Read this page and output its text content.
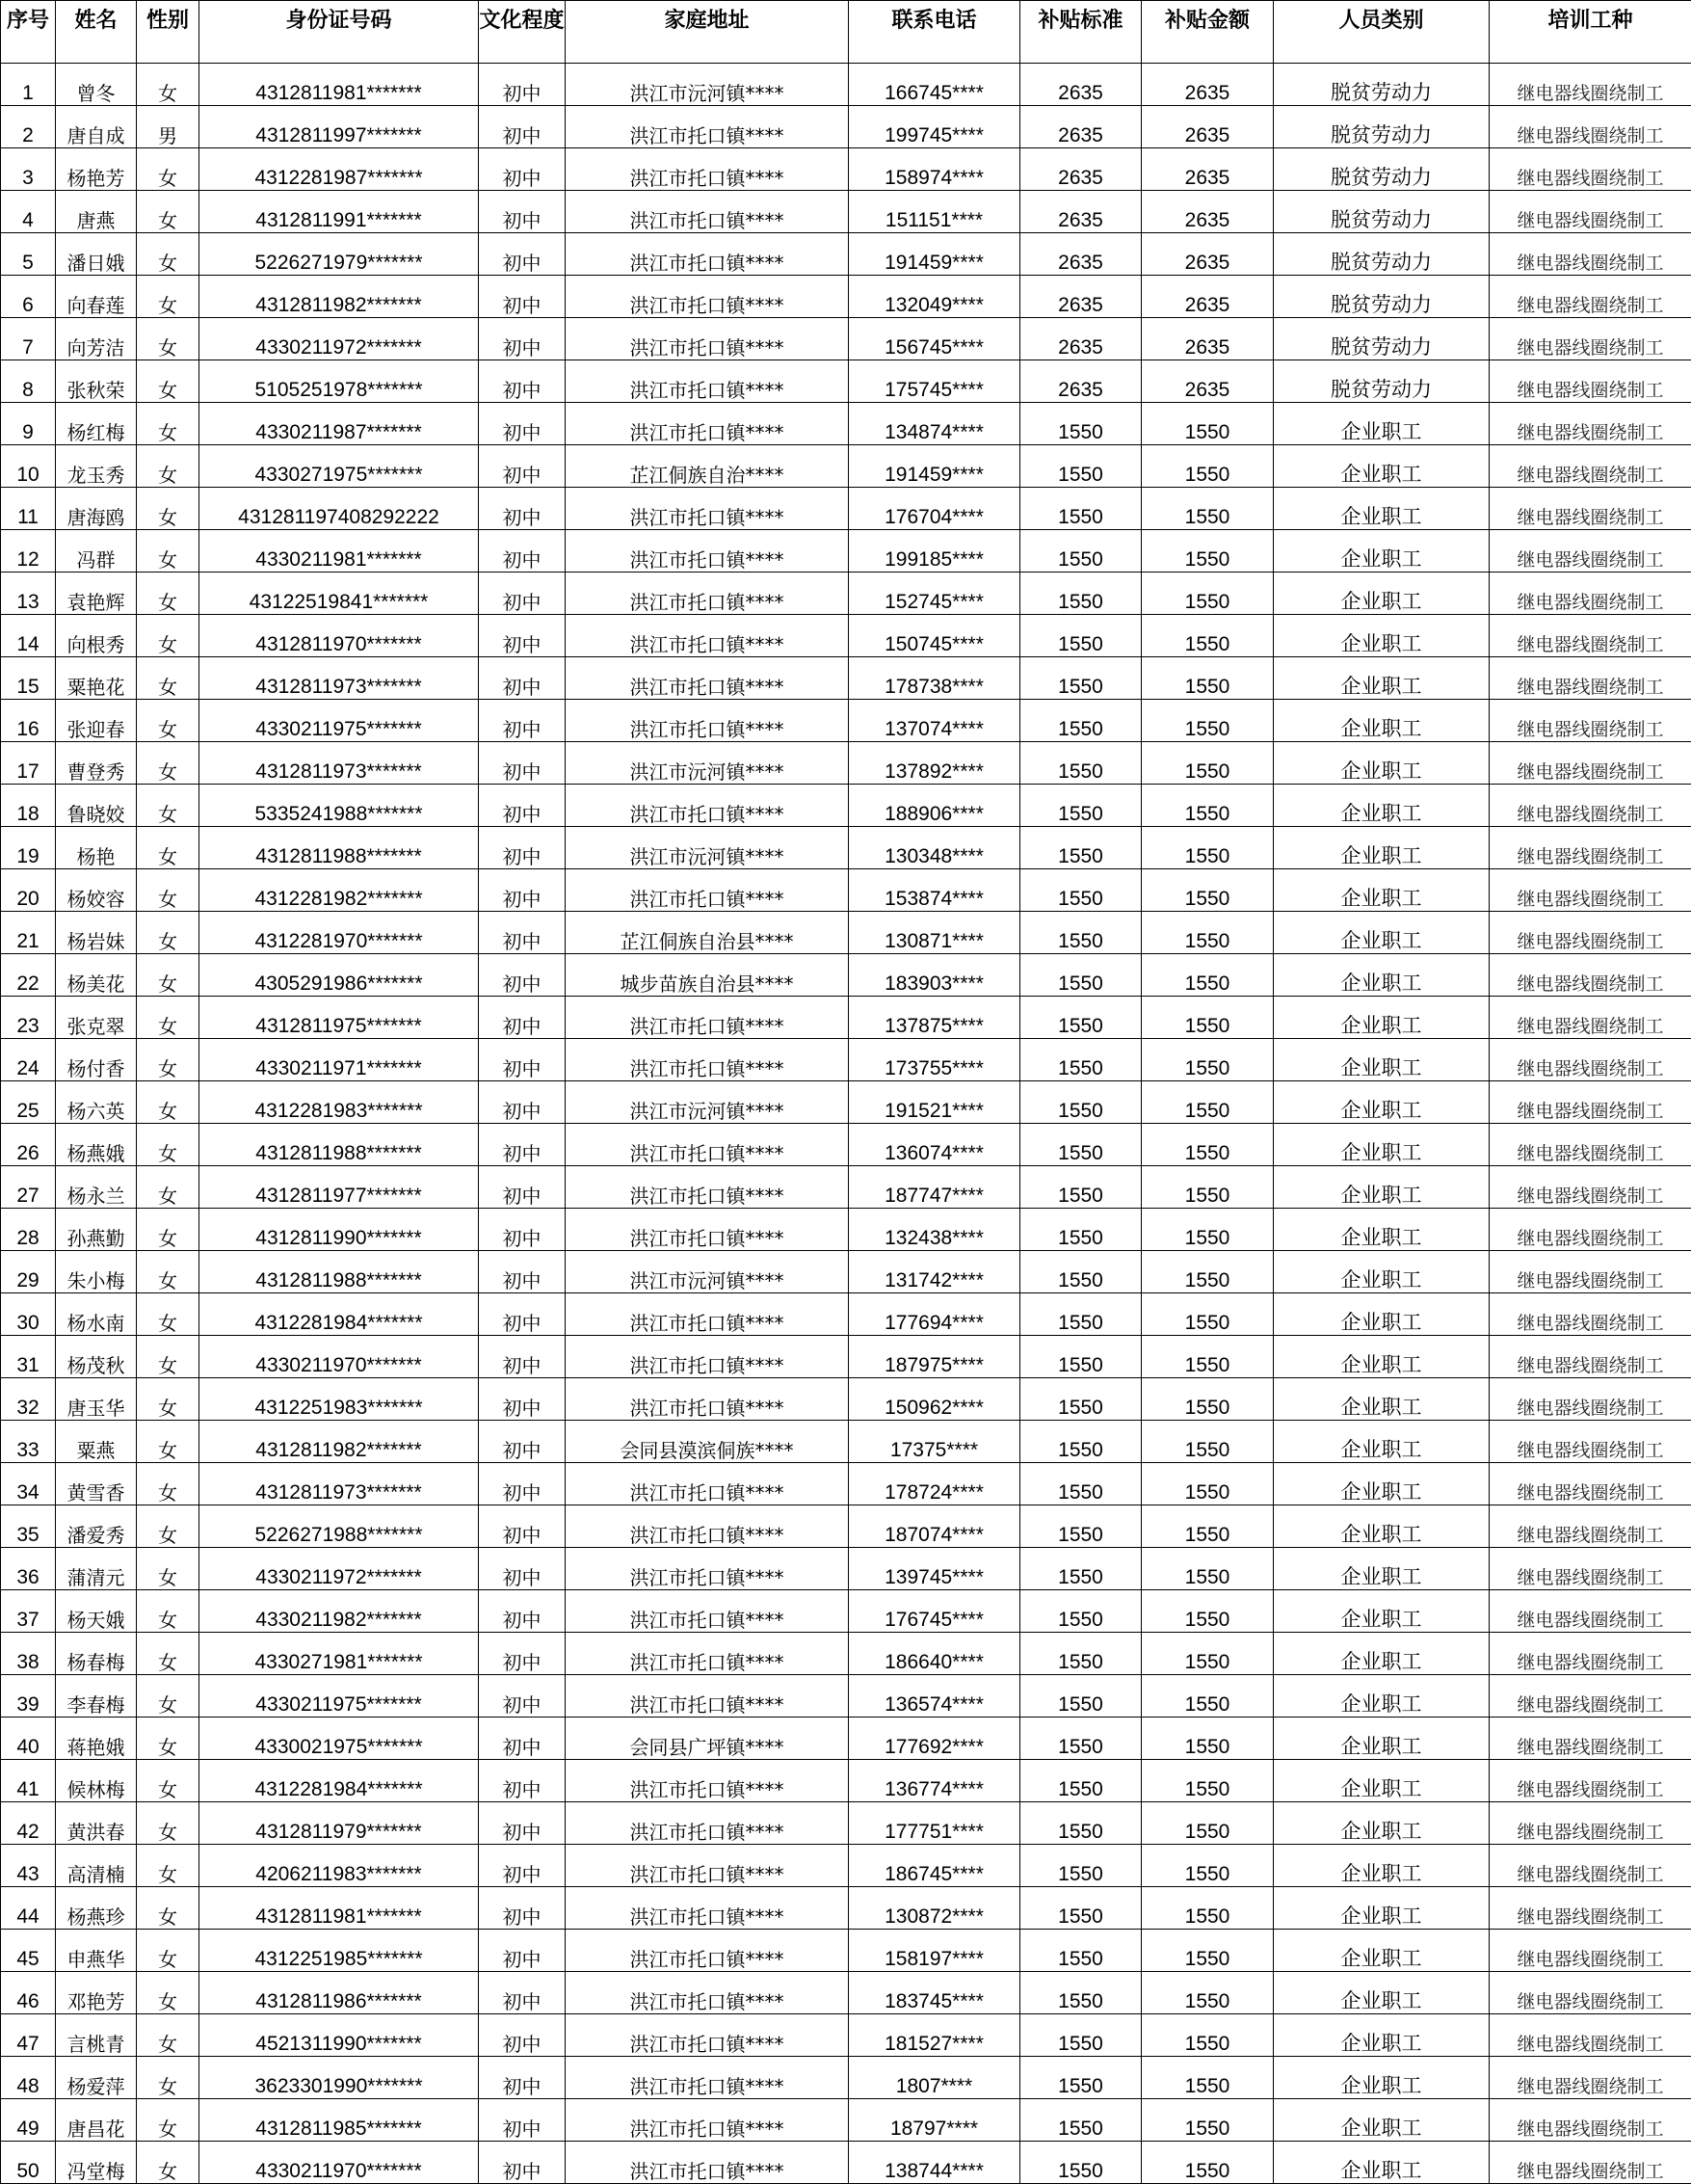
序号	姓名	性别	身份证号码	文化程度	家庭地址	联系电话	补贴标准	补贴金额	人员类别	培训工种
1	曾冬	女	4312811981*******	初中	洪江市沅河镇****	166745****	2635	2635	脱贫劳动力	继电器线圈绕制工
2	唐自成	男	4312811997*******	初中	洪江市托口镇****	199745****	2635	2635	脱贫劳动力	继电器线圈绕制工
3	杨艳芳	女	4312281987*******	初中	洪江市托口镇****	158974****	2635	2635	脱贫劳动力	继电器线圈绕制工
4	唐燕	女	4312811991*******	初中	洪江市托口镇****	151151****	2635	2635	脱贫劳动力	继电器线圈绕制工
5	潘日娥	女	5226271979*******	初中	洪江市托口镇****	191459****	2635	2635	脱贫劳动力	继电器线圈绕制工
6	向春莲	女	4312811982*******	初中	洪江市托口镇****	132049****	2635	2635	脱贫劳动力	继电器线圈绕制工
7	向芳洁	女	4330211972*******	初中	洪江市托口镇****	156745****	2635	2635	脱贫劳动力	继电器线圈绕制工
8	张秋荣	女	5105251978*******	初中	洪江市托口镇****	175745****	2635	2635	脱贫劳动力	继电器线圈绕制工
9	杨红梅	女	4330211987*******	初中	洪江市托口镇****	134874****	1550	1550	企业职工	继电器线圈绕制工
10	龙玉秀	女	4330271975*******	初中	芷江侗族自治****	191459****	1550	1550	企业职工	继电器线圈绕制工
11	唐海鸥	女	431281197408292222	初中	洪江市托口镇****	176704****	1550	1550	企业职工	继电器线圈绕制工
12	冯群	女	4330211981*******	初中	洪江市托口镇****	199185****	1550	1550	企业职工	继电器线圈绕制工
13	袁艳辉	女	43122519841*******	初中	洪江市托口镇****	152745****	1550	1550	企业职工	继电器线圈绕制工
14	向根秀	女	4312811970*******	初中	洪江市托口镇****	150745****	1550	1550	企业职工	继电器线圈绕制工
15	粟艳花	女	4312811973*******	初中	洪江市托口镇****	178738****	1550	1550	企业职工	继电器线圈绕制工
16	张迎春	女	4330211975*******	初中	洪江市托口镇****	137074****	1550	1550	企业职工	继电器线圈绕制工
17	曹登秀	女	4312811973*******	初中	洪江市沅河镇****	137892****	1550	1550	企业职工	继电器线圈绕制工
18	鲁晓姣	女	5335241988*******	初中	洪江市托口镇****	188906****	1550	1550	企业职工	继电器线圈绕制工
19	杨艳	女	4312811988*******	初中	洪江市沅河镇****	130348****	1550	1550	企业职工	继电器线圈绕制工
20	杨姣容	女	4312281982*******	初中	洪江市托口镇****	153874****	1550	1550	企业职工	继电器线圈绕制工
21	杨岩妹	女	4312281970*******	初中	芷江侗族自治县****	130871****	1550	1550	企业职工	继电器线圈绕制工
22	杨美花	女	4305291986*******	初中	城步苗族自治县****	183903****	1550	1550	企业职工	继电器线圈绕制工
23	张克翠	女	4312811975*******	初中	洪江市托口镇****	137875****	1550	1550	企业职工	继电器线圈绕制工
24	杨付香	女	4330211971*******	初中	洪江市托口镇****	173755****	1550	1550	企业职工	继电器线圈绕制工
25	杨六英	女	4312281983*******	初中	洪江市沅河镇****	191521****	1550	1550	企业职工	继电器线圈绕制工
26	杨燕娥	女	4312811988*******	初中	洪江市托口镇****	136074****	1550	1550	企业职工	继电器线圈绕制工
27	杨永兰	女	4312811977*******	初中	洪江市托口镇****	187747****	1550	1550	企业职工	继电器线圈绕制工
28	孙燕勤	女	4312811990*******	初中	洪江市托口镇****	132438****	1550	1550	企业职工	继电器线圈绕制工
29	朱小梅	女	4312811988*******	初中	洪江市沅河镇****	131742****	1550	1550	企业职工	继电器线圈绕制工
30	杨水南	女	4312281984*******	初中	洪江市托口镇****	177694****	1550	1550	企业职工	继电器线圈绕制工
31	杨茂秋	女	4330211970*******	初中	洪江市托口镇****	187975****	1550	1550	企业职工	继电器线圈绕制工
32	唐玉华	女	4312251983*******	初中	洪江市托口镇****	150962****	1550	1550	企业职工	继电器线圈绕制工
33	粟燕	女	4312811982*******	初中	会同县漠滨侗族****	17375****	1550	1550	企业职工	继电器线圈绕制工
34	黄雪香	女	4312811973*******	初中	洪江市托口镇****	178724****	1550	1550	企业职工	继电器线圈绕制工
35	潘爱秀	女	5226271988*******	初中	洪江市托口镇****	187074****	1550	1550	企业职工	继电器线圈绕制工
36	蒲清元	女	4330211972*******	初中	洪江市托口镇****	139745****	1550	1550	企业职工	继电器线圈绕制工
37	杨天娥	女	4330211982*******	初中	洪江市托口镇****	176745****	1550	1550	企业职工	继电器线圈绕制工
38	杨春梅	女	4330271981*******	初中	洪江市托口镇****	186640****	1550	1550	企业职工	继电器线圈绕制工
39	李春梅	女	4330211975*******	初中	洪江市托口镇****	136574****	1550	1550	企业职工	继电器线圈绕制工
40	蒋艳娥	女	4330021975*******	初中	会同县广坪镇****	177692****	1550	1550	企业职工	继电器线圈绕制工
41	候林梅	女	4312281984*******	初中	洪江市托口镇****	136774****	1550	1550	企业职工	继电器线圈绕制工
42	黄洪春	女	4312811979*******	初中	洪江市托口镇****	177751****	1550	1550	企业职工	继电器线圈绕制工
43	高清楠	女	4206211983*******	初中	洪江市托口镇****	186745****	1550	1550	企业职工	继电器线圈绕制工
44	杨燕珍	女	4312811981*******	初中	洪江市托口镇****	130872****	1550	1550	企业职工	继电器线圈绕制工
45	申燕华	女	4312251985*******	初中	洪江市托口镇****	158197****	1550	1550	企业职工	继电器线圈绕制工
46	邓艳芳	女	4312811986*******	初中	洪江市托口镇****	183745****	1550	1550	企业职工	继电器线圈绕制工
47	言桃青	女	4521311990*******	初中	洪江市托口镇****	181527****	1550	1550	企业职工	继电器线圈绕制工
48	杨爱萍	女	3623301990*******	初中	洪江市托口镇****	1807****	1550	1550	企业职工	继电器线圈绕制工
49	唐昌花	女	4312811985*******	初中	洪江市托口镇****	18797****	1550	1550	企业职工	继电器线圈绕制工
50	冯堂梅	女	4330211970*******	初中	洪江市托口镇****	138744****	1550	1550	企业职工	继电器线圈绕制工
